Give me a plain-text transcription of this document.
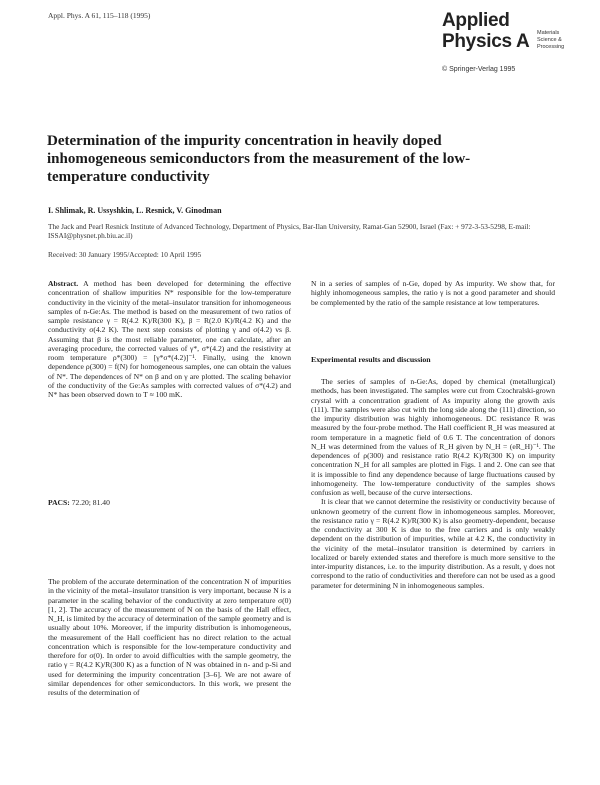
Appl. Phys. A 61, 115–118 (1995)	Applied
Physics A Materials
Science &
Processing
© Springer-Verlag 1995
Determination of the impurity concentration in heavily doped inhomogeneous semiconductors from the measurement of the low-temperature conductivity
I. Shlimak, R. Ussyshkin, L. Resnick, V. Ginodman
The Jack and Pearl Resnick Institute of Advanced Technology, Department of Physics, Bar-Ilan University, Ramat-Gan 52900, Israel (Fax: + 972-3-53-5298, E-mail: ISSAI@physnet.ph.biu.ac.il)
Received: 30 January 1995/Accepted: 10 April 1995

Abstract. A method has been developed for determining the effective concentration of shallow impurities N* responsible for the low-temperature conductivity in the vicinity of the metal–insulator transition for inhomogeneous samples of n-Ge:As. The method is based on the measurement of two ratios of sample resistance γ = R(4.2 K)/R(300 K), β = R(2.0 K)/R(4.2 K) and the conductivity σ(4.2 K). The next step consists of plotting γ and σ(4.2) vs β. Assuming that β is the most reliable parameter, one can calculate, after an averaging procedure, the corrected values of γ*, σ*(4.2) and the resistivity at room temperature ρ*(300) = [γ*σ*(4.2)]⁻¹. Finally, using the known dependence ρ(300) = f(N) for homogeneous samples, one can obtain the values of N*. The dependences of N* on β and on γ are plotted. The scaling behavior of the conductivity of the Ge:As samples with corrected values of σ*(4.2) and N* has been observed down to T ≈ 100 mK.

PACS: 72.20; 81.40

The problem of the accurate determination of the concentration N of impurities in the vicinity of the metal–insulator transition is very important, because N is a parameter in the scaling behavior of the conductivity at zero temperature σ(0) [1, 2]. The accuracy of the measurement of N on the basis of the Hall effect, N_H, is limited by the accuracy of determination of the sample geometry and is usually about 10%. Moreover, if the impurity distribution is inhomogeneous, the measurement of the Hall coefficient has no direct relation to the actual concentration which is responsible for the low-temperature conductivity and therefore for σ(0). In order to avoid difficulties with the sample geometry, the ratio γ = R(4.2 K)/R(300 K) as a function of N was obtained in n- and p-Si and used for determining the impurity concentration [3–6]. We are not aware of similar dependences for other semiconductors. In this work, we present the results of the determination of

N in a series of samples of n-Ge, doped by As impurity. We show that, for highly inhomogeneous samples, the ratio γ is not a good parameter and should be complemented by the ratio of the sample resistance at low temperatures.

Experimental results and discussion

The series of samples of n-Ge:As, doped by chemical (metallurgical) methods, has been investigated. The samples were cut from Czochralski-grown crystal with a concentration gradient of As impurity along the growth axis (111). The samples were also cut with the long side along the (111) direction, so the impurity distribution was highly inhomogeneous. DC resistance R was measured by the four-probe method. The Hall coefficient R_H was measured at room temperature in a magnetic field of 0.6 T. The concentration of donors N_H was determined from the values of R_H given by N_H = (eR_H)⁻¹. The dependences of ρ(300) and resistance ratio R(4.2 K)/R(300 K) on impurity concentration N_H for all samples are plotted in Figs. 1 and 2. One can see that it is impossible to find any dependence because of large fluctuations caused by inhomogeneity. The low-temperature conductivity of the samples shows confusion as well, because of the curve intersections.

It is clear that we cannot determine the resistivity or conductivity because of unknown geometry of the current flow in inhomogeneous samples. Moreover, the resistance ratio γ = R(4.2 K)/R(300 K) is also geometry-dependent, because the conductivity at 300 K is due to the free carriers and is only weakly dependent on the distribution of impurities, while at 4.2 K, the conductivity in the vicinity of the metal–insulator transition is determined by carriers in localized or barely extended states and therefore is much more sensitive to the inter-impurity distances, i.e. to the impurity distribution. As a result, γ does not correspond to the ratio of conductivities and therefore can not be used as a good parameter for determining N in inhomogeneous samples.
